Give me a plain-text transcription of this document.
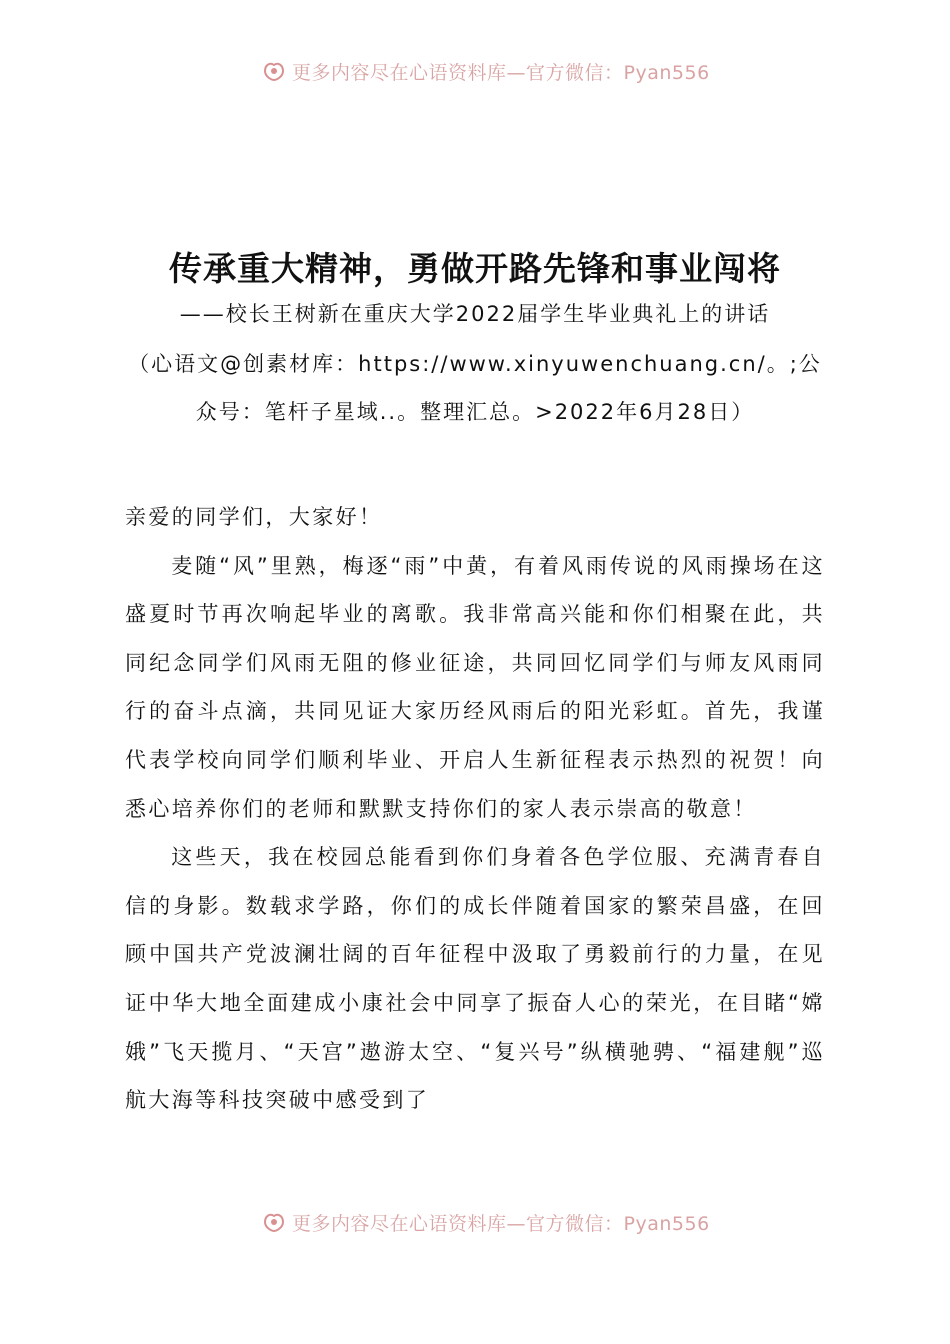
更多内容尽在心语资料库—官方微信：Pyan556
传承重大精神，勇做开路先锋和事业闯将
——校长王树新在重庆大学2022届学生毕业典礼上的讲话
（心语文@创素材库：https://www.xinyuwenchuang.cn/。;公众号：笔杆子星域..。整理汇总。>2022年6月28日）

亲爱的同学们，大家好！

麦随“风”里熟，梅逐“雨”中黄，有着风雨传说的风雨操场在这盛夏时节再次响起毕业的离歌。我非常高兴能和你们相聚在此，共同纪念同学们风雨无阻的修业征途，共同回忆同学们与师友风雨同行的奋斗点滴，共同见证大家历经风雨后的阳光彩虹。首先，我谨代表学校向同学们顺利毕业、开启人生新征程表示热烈的祝贺！向悉心培养你们的老师和默默支持你们的家人表示崇高的敬意！

这些天，我在校园总能看到你们身着各色学位服、充满青春自信的身影。数载求学路，你们的成长伴随着国家的繁荣昌盛，在回顾中国共产党波澜壮阔的百年征程中汲取了勇毅前行的力量，在见证中华大地全面建成小康社会中同享了振奋人心的荣光，在目睹“嫦娥”飞天揽月、“天宫”遨游太空、“复兴号”纵横驰骋、“福建舰”巡航大海等科技突破中感受到了

更多内容尽在心语资料库—官方微信：Pyan556
